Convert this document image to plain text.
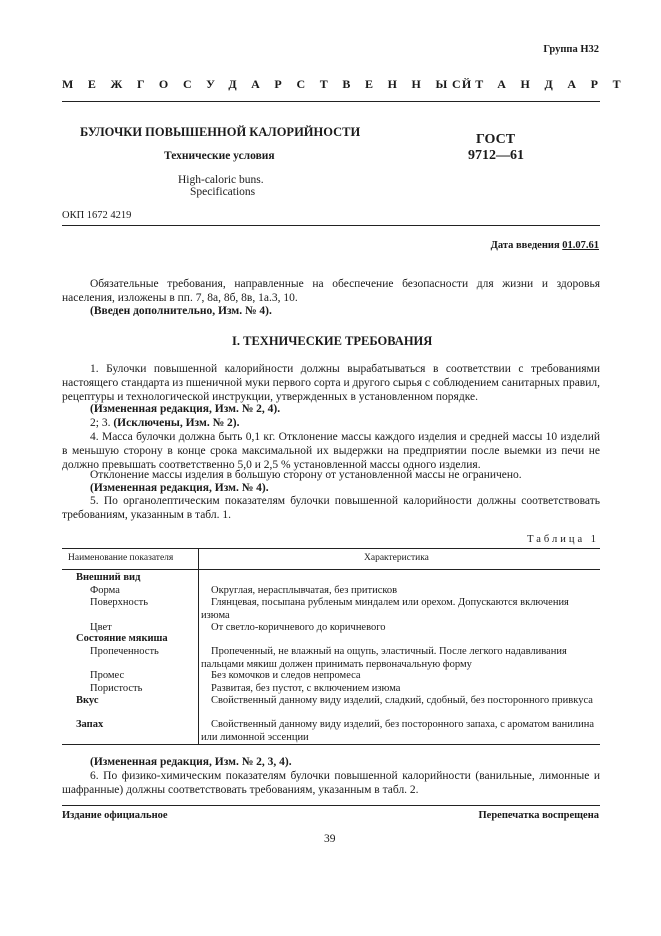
Группа Н32
МЕЖГОСУДАРСТВЕННЫЙ
СТАНДАРТ
БУЛОЧКИ ПОВЫШЕННОЙ КАЛОРИЙНОСТИ
Технические условия
High-caloric buns.
Specifications
ГОСТ
9712—61
ОКП 1672 4219
Дата введения 01.07.61
Обязательные требования, направленные на обеспечение безопасности для жизни и здоровья населения, изложены в пп. 7, 8а, 8б, 8в, 1а.3, 10.
(Введен дополнительно, Изм. № 4).
I. ТЕХНИЧЕСКИЕ ТРЕБОВАНИЯ
1. Булочки повышенной калорийности должны вырабатываться в соответствии с требованиями настоящего стандарта из пшеничной муки первого сорта и другого сырья с соблюдением санитарных правил, рецептуры и технологической инструкции, утвержденных в установленном порядке.
(Измененная редакция, Изм. № 2, 4).
2; 3. (Исключены, Изм. № 2).
4. Масса булочки должна быть 0,1 кг. Отклонение массы каждого изделия и средней массы 10 изделий в меньшую сторону в конце срока максимальной их выдержки на предприятии после выемки из печи не должно превышать соответственно 5,0 и 2,5 % установленной массы одного изделия.
Отклонение массы изделия в большую сторону от установленной массы не ограничено.
(Измененная редакция, Изм. № 4).
5. По органолептическим показателям булочки повышенной калорийности должны соответствовать требованиям, указанным в табл. 1.
Таблица 1
Наименование показателя	Характеристика
Внешний вид
Форма	Округлая, нерасплывчатая, без притисков
Поверхность	Глянцевая, посыпана рубленым миндалем или орехом. Допускаются включения изюма
Цвет	От светло-коричневого до коричневого
Состояние мякиша
Пропеченность	Пропеченный, не влажный на ощупь, эластичный. После легкого надавливания пальцами мякиш должен принимать первоначальную форму
Промес	Без комочков и следов непромеса
Пористость	Развитая, без пустот, с включением изюма
Вкус	Свойственный данному виду изделий, сладкий, сдобный, без посторонного привкуса
Запах	Свойственный данному виду изделий, без посторонного запаха, с ароматом ванилина или лимонной эссенции
(Измененная редакция, Изм. № 2, 3, 4).
6. По физико-химическим показателям булочки повышенной калорийности (ванильные, лимонные и шафранные) должны соответствовать требованиям, указанным в табл. 2.
Издание официальное	Перепечатка воспрещена
39
